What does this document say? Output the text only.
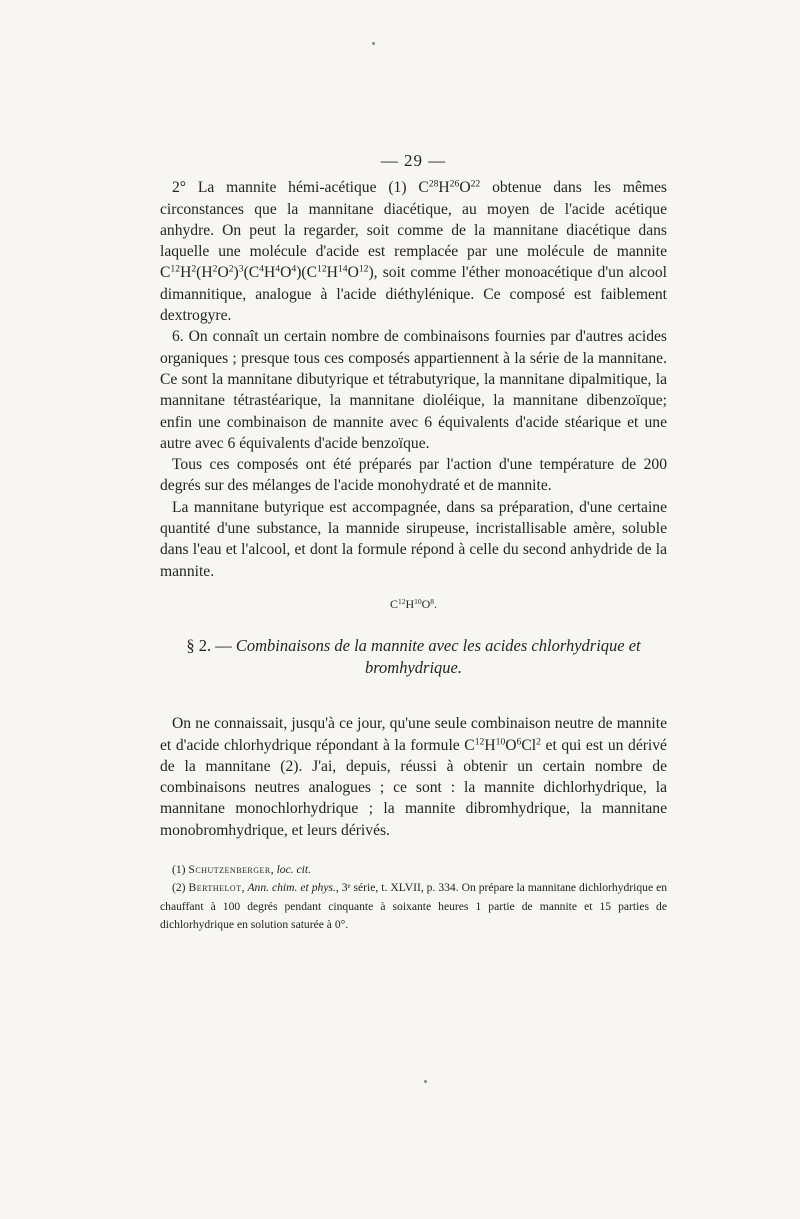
— 29 —

2° La mannite hémi-acétique (1) $C^{28}H^{26}O^{22}$ obtenue dans les mêmes circonstances que la mannitane diacétique, au moyen de l'acide acétique anhydre. On peut la regarder, soit comme de la mannitane diacétique dans laquelle une molécule d'acide est remplacée par une molécule de mannite $C^{12}H^2(H^2O^2)^3(C^4H^4O^4)(C^{12}H^{14}O^{12})$, soit comme l'éther monoacétique d'un alcool dimannitique, analogue à l'acide diéthylénique. Ce composé est faiblement dextrogyre.

6. On connaît un certain nombre de combinaisons fournies par d'autres acides organiques ; presque tous ces composés appartiennent à la série de la mannitane. Ce sont la mannitane dibutyrique et tétrabutyrique, la mannitane dipalmitique, la mannitane tétrastéarique, la mannitane dioléique, la mannitane dibenzoïque; enfin une combinaison de mannite avec 6 équivalents d'acide stéarique et une autre avec 6 équivalents d'acide benzoïque.

Tous ces composés ont été préparés par l'action d'une température de 200 degrés sur des mélanges de l'acide monohydraté et de mannite.

La mannitane butyrique est accompagnée, dans sa préparation, d'une certaine quantité d'une substance, la mannide sirupeuse, incristallisable amère, soluble dans l'eau et l'alcool, et dont la formule répond à celle du second anhydride de la mannite.

$C^{12}H^{10}O^8$.
§ 2. — Combinaisons de la mannite avec les acides chlorhydrique et bromhydrique.

On ne connaissait, jusqu'à ce jour, qu'une seule combinaison neutre de mannite et d'acide chlorhydrique répondant à la formule $C^{12}H^{10}O^6Cl^2$ et qui est un dérivé de la mannitane (2). J'ai, depuis, réussi à obtenir un certain nombre de combinaisons neutres analogues ; ce sont : la mannite dichlorhydrique, la mannitane monochlorhydrique ; la mannite dibromhydrique, la mannitane monobromhydrique, et leurs dérivés.

(1) Schutzenberger, loc. cit.

(2) Berthelot, Ann. chim. et phys., 3ᵉ série, t. XLVII, p. 334. On prépare la mannitane dichlorhydrique en chauffant à 100 degrés pendant cinquante à soixante heures 1 partie de mannite et 15 parties de dichlorhydrique en solution saturée à 0°.
